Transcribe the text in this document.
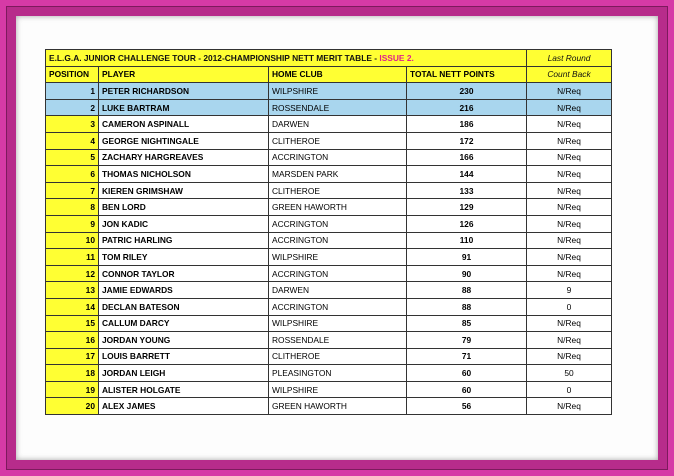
E.L.G.A. JUNIOR CHALLENGE TOUR - 2012-CHAMPIONSHIP NETT MERIT TABLE - ISSUE 2.				Last Round
POSITION	PLAYER	HOME CLUB	TOTAL NETT POINTS	Count Back
1	PETER RICHARDSON	WILPSHIRE	230	N/Req
2	LUKE BARTRAM	ROSSENDALE	216	N/Req
3	CAMERON ASPINALL	DARWEN	186	N/Req
4	GEORGE NIGHTINGALE	CLITHEROE	172	N/Req
5	ZACHARY HARGREAVES	ACCRINGTON	166	N/Req
6	THOMAS NICHOLSON	MARSDEN PARK	144	N/Req
7	KIEREN GRIMSHAW	CLITHEROE	133	N/Req
8	BEN LORD	GREEN HAWORTH	129	N/Req
9	JON KADIC	ACCRINGTON	126	N/Req
10	PATRIC HARLING	ACCRINGTON	110	N/Req
11	TOM RILEY	WILPSHIRE	91	N/Req
12	CONNOR TAYLOR	ACCRINGTON	90	N/Req
13	JAMIE EDWARDS	DARWEN	88	9
14	DECLAN BATESON	ACCRINGTON	88	0
15	CALLUM DARCY	WILPSHIRE	85	N/Req
16	JORDAN YOUNG	ROSSENDALE	79	N/Req
17	LOUIS BARRETT	CLITHEROE	71	N/Req
18	JORDAN LEIGH	PLEASINGTON	60	50
19	ALISTER HOLGATE	WILPSHIRE	60	0
20	ALEX JAMES	GREEN HAWORTH	56	N/Req
